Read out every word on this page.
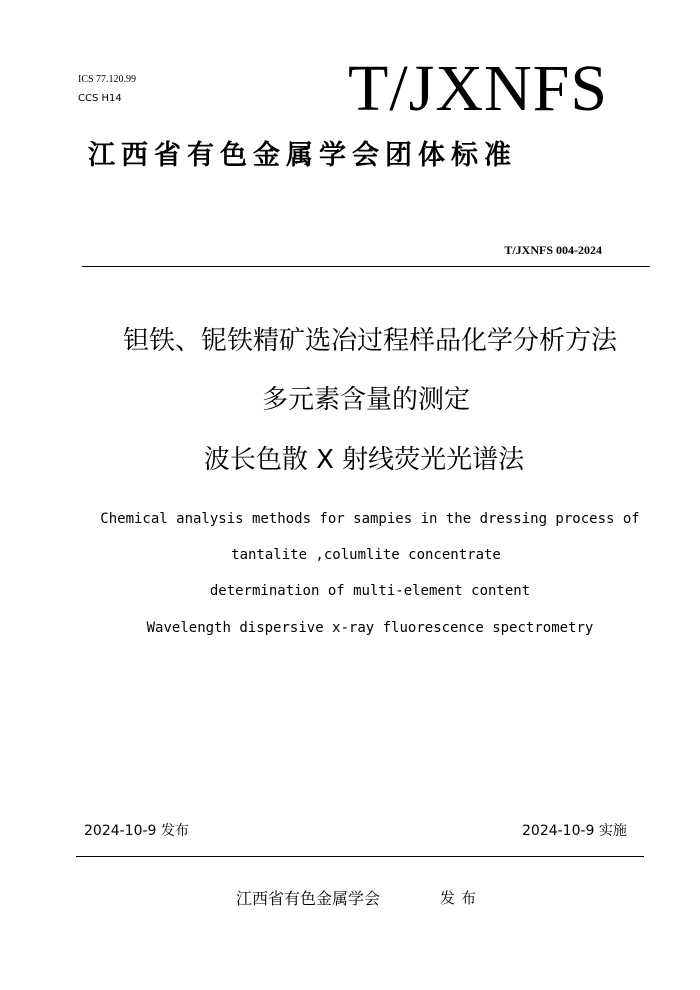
ICS 77.120.99
CCS H14	T/JXNFS
江西省有色金属学会团体标准
T/JXNFS 004-2024
钽铁、铌铁精矿选冶过程样品化学分析方法
多元素含量的测定
波长色散 X 射线荧光光谱法
Chemical analysis methods for sampies in the dressing process of
tantalite ,columlite concentrate
determination of multi-element content
Wavelength dispersive x-ray fluorescence spectrometry
2024-10-9 发布	2024-10-9 实施
江西省有色金属学会	发布
